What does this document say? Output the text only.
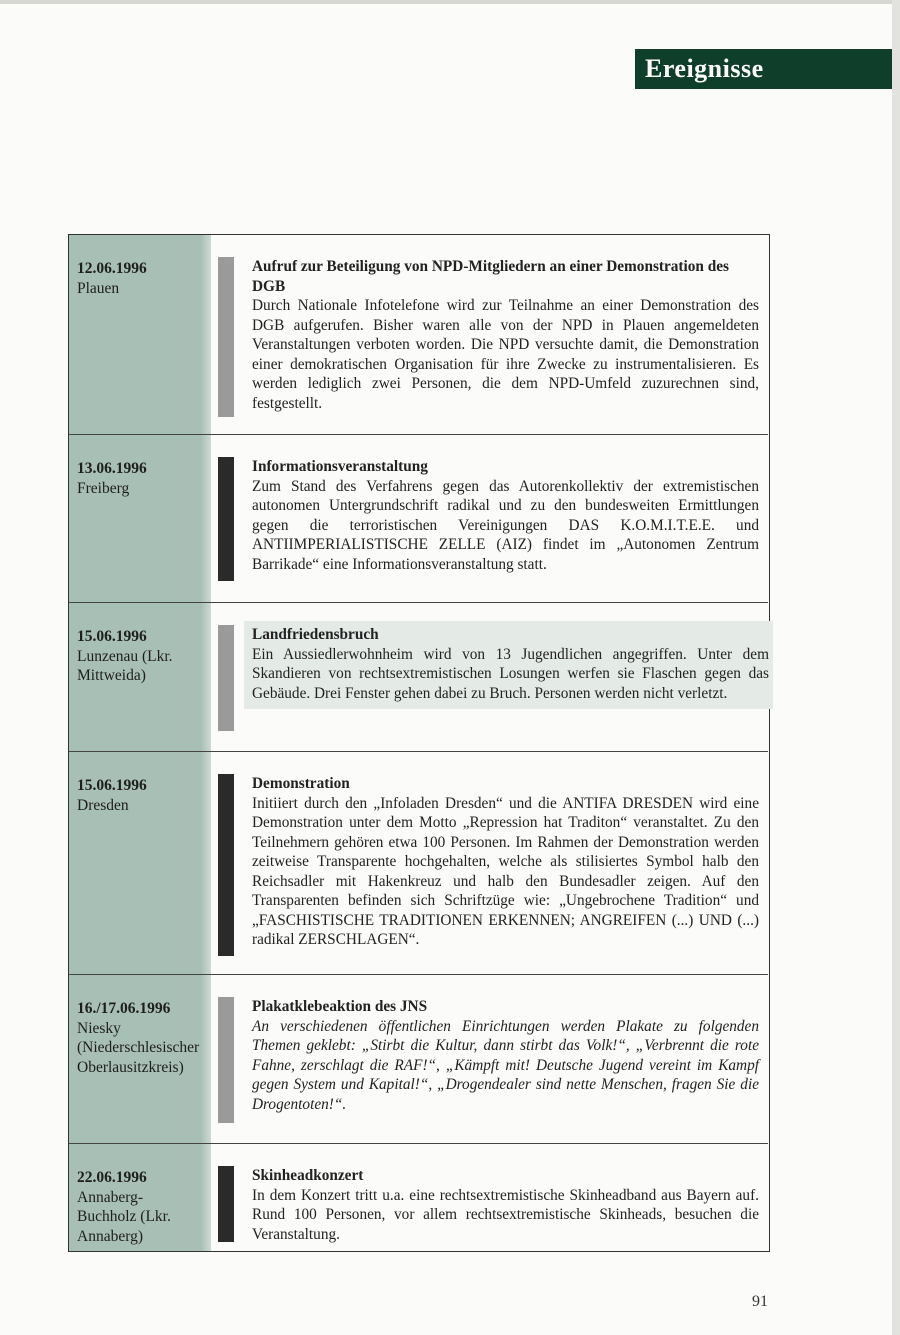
Ereignisse
12.06.1996
Plauen
Aufruf zur Beteiligung von NPD-Mitgliedern an einer Demonstration des DGB
Durch Nationale Infotelefone wird zur Teilnahme an einer Demonstration des DGB aufgerufen. Bisher waren alle von der NPD in Plauen angemeldeten Veranstaltungen verboten worden. Die NPD versuchte damit, die Demonstration einer demokratischen Organisation für ihre Zwecke zu instrumentalisieren. Es werden lediglich zwei Personen, die dem NPD-Umfeld zuzurechnen sind, festgestellt.
13.06.1996
Freiberg
Informationsveranstaltung
Zum Stand des Verfahrens gegen das Autorenkollektiv der extremistischen autonomen Untergrundschrift radikal und zu den bundesweiten Ermittlungen gegen die terroristischen Vereinigungen DAS K.O.M.I.T.E.E. und ANTIIMPERIALISTISCHE ZELLE (AIZ) findet im „Autonomen Zentrum Barrikade“ eine Informationsveranstaltung statt.
15.06.1996
Lunzenau (Lkr. Mittweida)
Landfriedensbruch
Ein Aussiedlerwohnheim wird von 13 Jugendlichen angegriffen. Unter dem Skandieren von rechtsextremistischen Losungen werfen sie Flaschen gegen das Gebäude. Drei Fenster gehen dabei zu Bruch. Personen werden nicht verletzt.
15.06.1996
Dresden
Demonstration
Initiiert durch den „Infoladen Dresden“ und die ANTIFA DRESDEN wird eine Demonstration unter dem Motto „Repression hat Traditon“ veranstaltet. Zu den Teilnehmern gehören etwa 100 Personen. Im Rahmen der Demonstration werden zeitweise Transparente hochgehalten, welche als stilisiertes Symbol halb den Reichsadler mit Hakenkreuz und halb den Bundesadler zeigen. Auf den Transparenten befinden sich Schriftzüge wie: „Ungebrochene Tradition“ und „FASCHISTISCHE TRADITIONEN ERKENNEN; ANGREIFEN (...) UND (...) radikal ZERSCHLAGEN“.
16./17.06.1996
Niesky (Niederschlesischer Oberlausitzkreis)
Plakatklebeaktion des JNS
An verschiedenen öffentlichen Einrichtungen werden Plakate zu folgenden Themen geklebt: „Stirbt die Kultur, dann stirbt das Volk!“, „Verbrennt die rote Fahne, zerschlagt die RAF!“, „Kämpft mit! Deutsche Jugend vereint im Kampf gegen System und Kapital!“, „Drogendealer sind nette Menschen, fragen Sie die Drogentoten!“.
22.06.1996
Annaberg-Buchholz (Lkr. Annaberg)
Skinheadkonzert
In dem Konzert tritt u.a. eine rechtsextremistische Skinheadband aus Bayern auf. Rund 100 Personen, vor allem rechtsextremistische Skinheads, besuchen die Veranstaltung.
91
